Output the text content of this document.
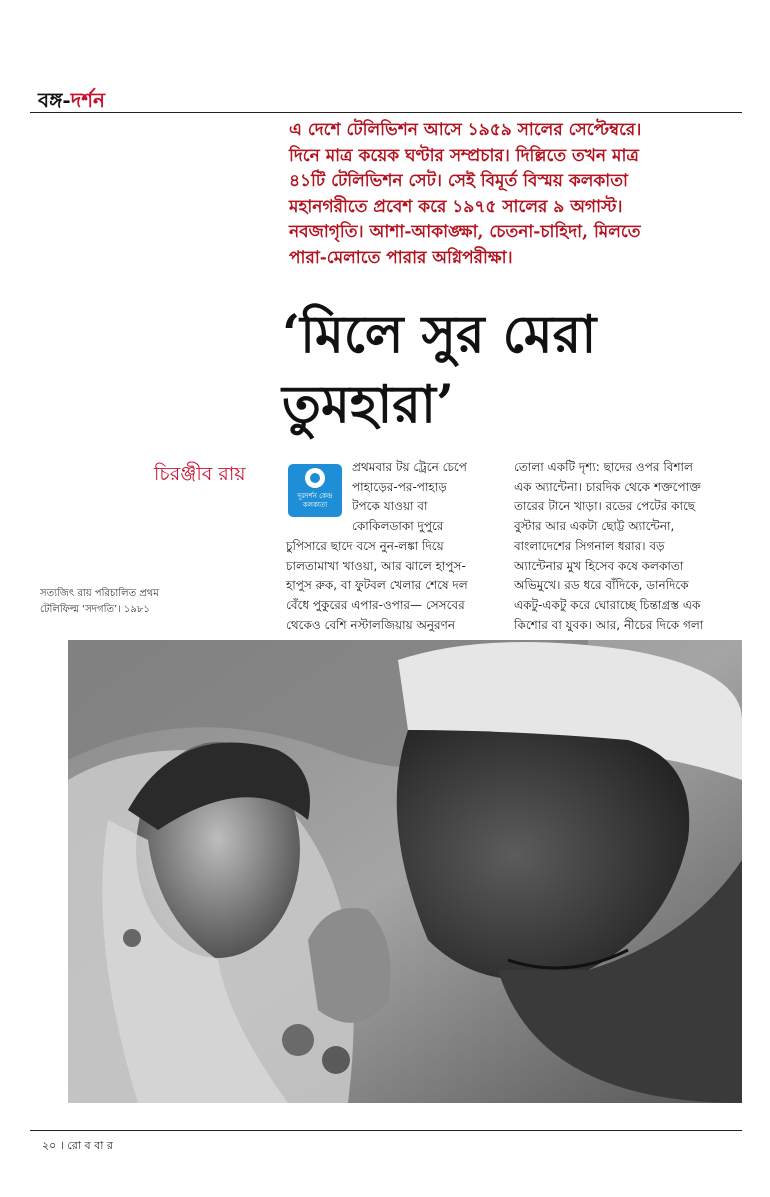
বঙ্গ-দর্শন

এ দেশে টেলিভিশন আসে ১৯৫৯ সালের সেপ্টেম্বরে।
দিনে মাত্র কয়েক ঘণ্টার সম্প্রচার। দিল্লিতে তখন মাত্র
৪১টি টেলিভিশন সেট। সেই বিমূর্ত বিস্ময় কলকাতা
মহানগরীতে প্রবেশ করে ১৯৭৫ সালের ৯ অগাস্ট।
নবজাগৃতি। আশা-আকাঙ্ক্ষা, চেতনা-চাহিদা, মিলতে
পারা-মেলাতে পারার অগ্নিপরীক্ষা।

‘মিলে সুর মেরা
তুমহারা’
চিরঞ্জীব রায়
দূরদর্শন কেন্দ্র
কলকাতা
প্রথমবার টয় ট্রেনে চেপে
পাহাড়ের-পর-পাহাড়
টপকে যাওয়া বা
কোকিলডাকা দুপুরে
চুপিসারে ছাদে বসে নুন-লঙ্কা দিয়ে
চালতামাখা খাওয়া, আর ঝালে হাপুস-
হাপুস রুক, বা ফুটবল খেলার শেষে দল
বেঁধে পুকুরের এপার-ওপার— সেসবের
থেকেও বেশি নস্টালজিয়ায় অনুরণন
তোলা একটি দৃশ্য: ছাদের ওপর বিশাল
এক অ্যান্টেনা। চারদিক থেকে শক্তপোক্ত
তারের টানে খাড়া। রডের পেটের কাছে
বুস্টার আর একটা ছোট্ট অ্যান্টেনা,
বাংলাদেশের সিগনাল ধরার। বড়
অ্যান্টেনার মুখ হিসেব কষে কলকাতা
অভিমুখে। রড ধরে বাঁদিকে, ডানদিকে
একটু-একটু করে ঘোরাচ্ছে চিন্তাগ্রস্ত এক
কিশোর বা যুবক। আর, নীচের দিকে গলা
সত্যজিৎ রায় পরিচালিত প্রথম
টেলিফিল্ম ‘সদগতি’। ১৯৮১
২০ । রো ব বা র
